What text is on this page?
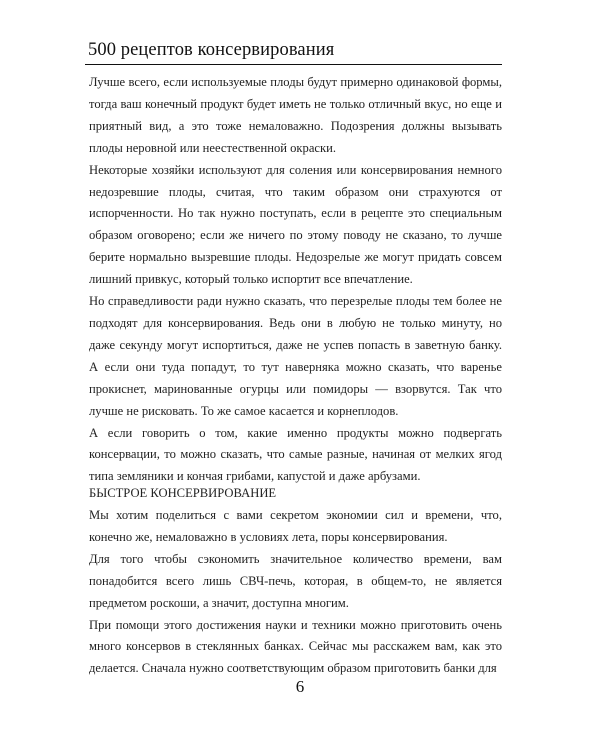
500 рецептов консервирования

Лучше всего, если используемые плоды будут примерно одинаковой формы, тогда ваш конечный продукт будет иметь не только отличный вкус, но еще и приятный вид, а это тоже немаловажно. Подозрения должны вызывать плоды неровной или неестественной окраски.

Некоторые хозяйки используют для соления или консервирования немного недозревшие плоды, считая, что таким образом они страхуются от испорченности. Но так нужно поступать, если в рецепте это специальным образом оговорено; если же ничего по этому поводу не сказано, то лучше берите нормально вызревшие плоды. Недозрелые же могут придать совсем лишний привкус, который только испортит все впечатление.

Но справедливости ради нужно сказать, что перезрелые плоды тем более не подходят для консервирования. Ведь они в любую не только минуту, но даже секунду могут испортиться, даже не успев попасть в заветную банку. А если они туда попадут, то тут наверняка можно сказать, что варенье прокиснет, маринованные огурцы или помидоры — взорвутся. Так что лучше не рисковать. То же самое касается и корнеплодов.

А если говорить о том, какие именно продукты можно подвергать консервации, то можно сказать, что самые разные, начиная от мелких ягод типа земляники и кончая грибами, капустой и даже арбузами.

БЫСТРОЕ КОНСЕРВИРОВАНИЕ

Мы хотим поделиться с вами секретом экономии сил и времени, что, конечно же, немаловажно в условиях лета, поры консервирования.

Для того чтобы сэкономить значительное количество времени, вам понадобится всего лишь СВЧ-печь, которая, в общем-то, не является предметом роскоши, а значит, доступна многим.

При помощи этого достижения науки и техники можно приготовить очень много консервов в стеклянных банках. Сейчас мы расскажем вам, как это делается. Сначала нужно соответствующим образом приготовить банки для

6
